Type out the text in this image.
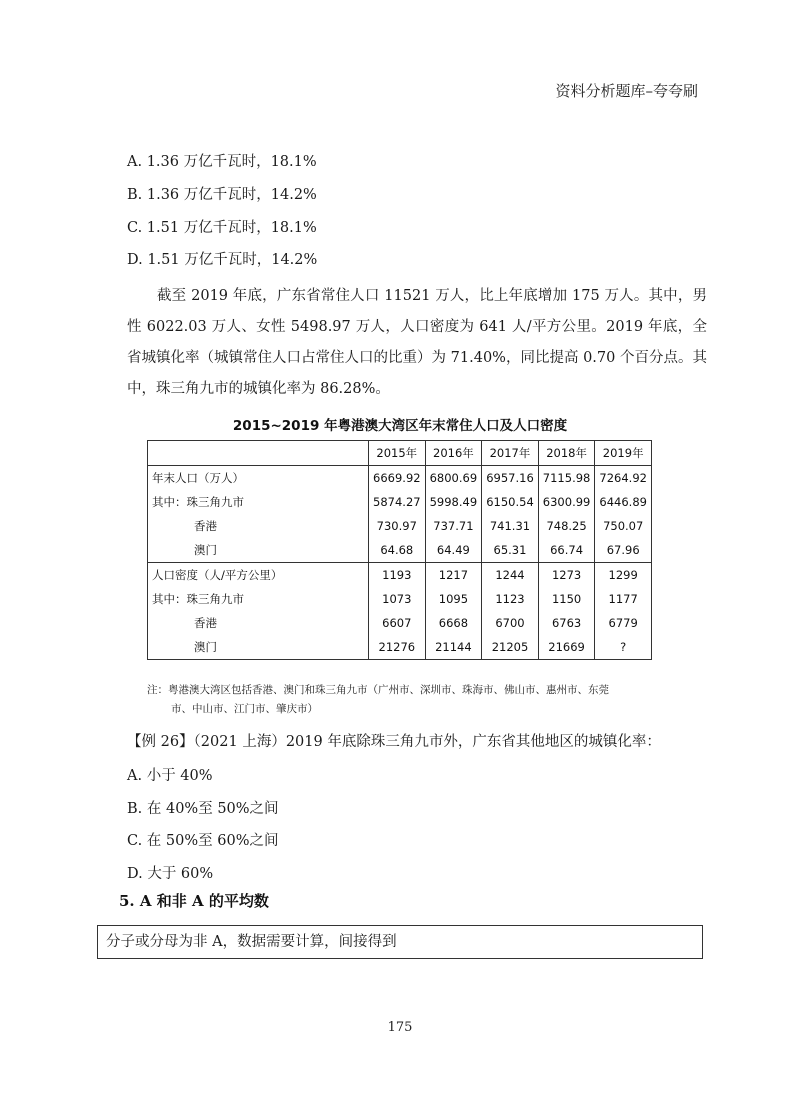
资料分析题库–夸夸刷
A. 1.36 万亿千瓦时，18.1%
B. 1.36 万亿千瓦时，14.2%
C. 1.51 万亿千瓦时，18.1%
D. 1.51 万亿千瓦时，14.2%
截至 2019 年底，广东省常住人口 11521 万人，比上年底增加 175 万人。其中，男性 6022.03 万人、女性 5498.97 万人，人口密度为 641 人/平方公里。2019 年底，全省城镇化率（城镇常住人口占常住人口的比重）为 71.40%，同比提高 0.70 个百分点。其中，珠三角九市的城镇化率为 86.28%。
2015~2019 年粤港澳大湾区年末常住人口及人口密度
	2015年	2016年	2017年	2018年	2019年
年末人口（万人）	6669.92	6800.69	6957.16	7115.98	7264.92
其中：珠三角九市	5874.27	5998.49	6150.54	6300.99	6446.89
香港	730.97	737.71	741.31	748.25	750.07
澳门	64.68	64.49	65.31	66.74	67.96
人口密度（人/平方公里）	1193	1217	1244	1273	1299
其中：珠三角九市	1073	1095	1123	1150	1177
香港	6607	6668	6700	6763	6779
澳门	21276	21144	21205	21669	?
注：粤港澳大湾区包括香港、澳门和珠三角九市（广州市、深圳市、珠海市、佛山市、惠州市、东莞
市、中山市、江门市、肇庆市）
【例 26】（2021 上海）2019 年底除珠三角九市外，广东省其他地区的城镇化率：
A. 小于 40%
B. 在 40%至 50%之间
C. 在 50%至 60%之间
D. 大于 60%
5. A 和非 A 的平均数
分子或分母为非 A，数据需要计算，间接得到
175
